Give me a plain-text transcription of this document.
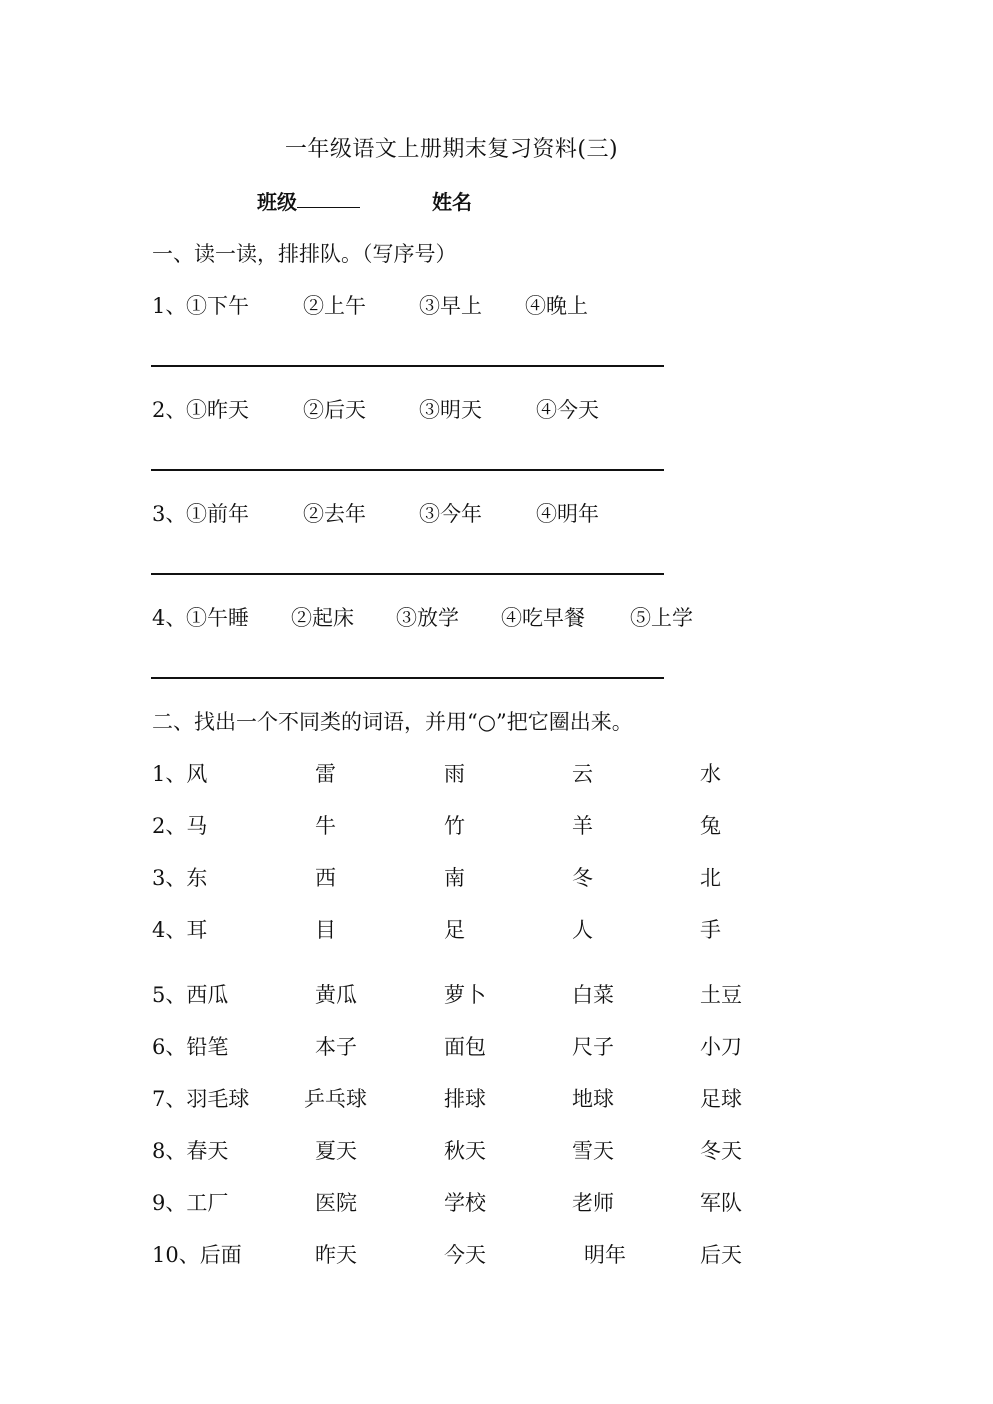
一年级语文上册期末复习资料(三)
班级	姓名
一、读一读，排排队。（写序号）
1、 ①下午	②上午	③早上 ④晚上
2、 ①昨天	②后天	③明天	④今天
3、 ①前年	②去年	③今年	④明年
4、 ①午睡 ②起床 ③放学 ④吃早餐 ⑤上学
二、找出一个不同类的词语，并用“○”把它圈出来。
1、风	雷	雨	云	水
2、马	牛	竹	羊	兔
3、东	西	南	冬	北
4、耳	目	足	人	手
5、西瓜	黄瓜	萝卜	白菜	土豆
6、铅笔	本子	面包	尺子	小刀
7、羽毛球	乒乓球	排球	地球	足球
8、春天	夏天	秋天	雪天	冬天
9、工厂	医院	学校	老师	军队
10、后面	昨天	今天	明年	后天
